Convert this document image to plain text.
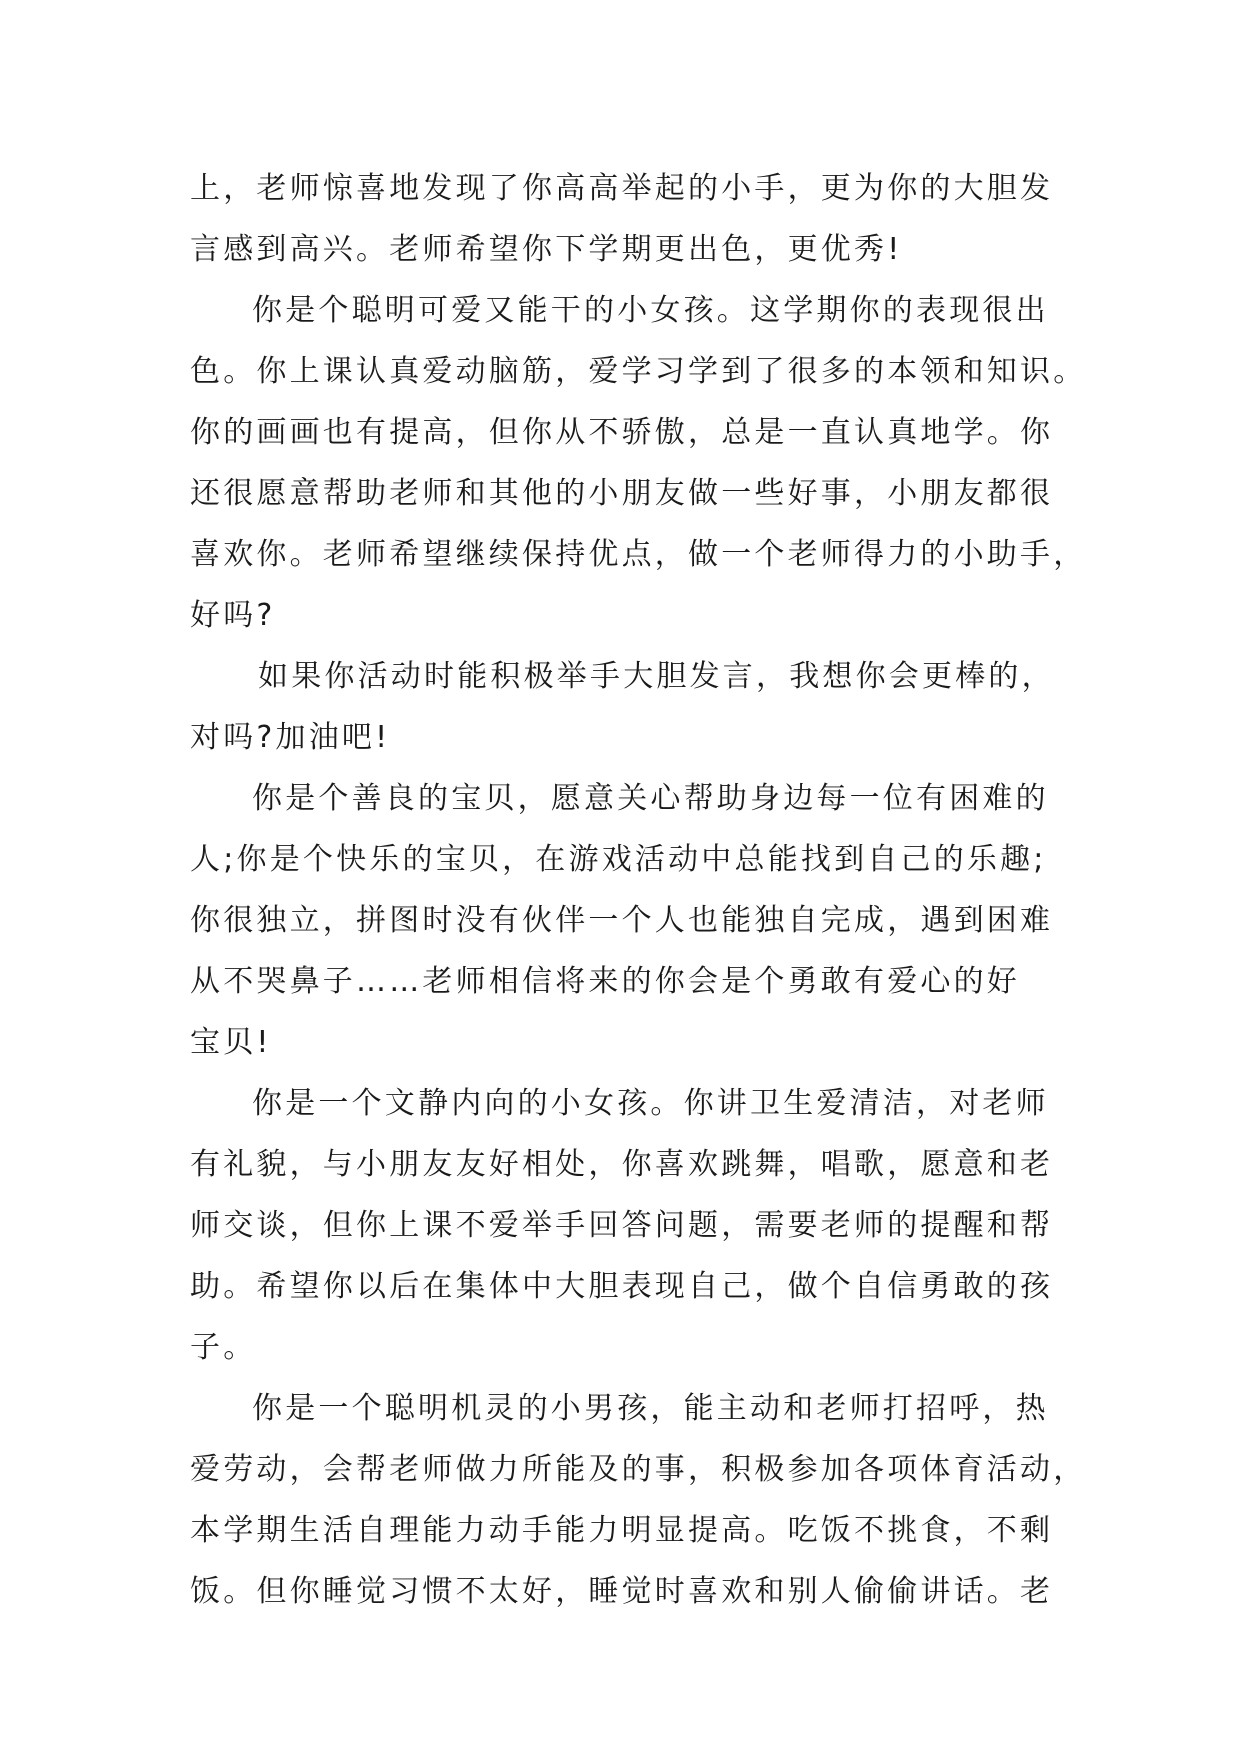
上，老师惊喜地发现了你高高举起的小手，更为你的大胆发
言感到高兴。老师希望你下学期更出色，更优秀!
你是个聪明可爱又能干的小女孩。这学期你的表现很出
色。你上课认真爱动脑筋，爱学习学到了很多的本领和知识。
你的画画也有提高，但你从不骄傲，总是一直认真地学。你
还很愿意帮助老师和其他的小朋友做一些好事，小朋友都很
喜欢你。老师希望继续保持优点，做一个老师得力的小助手，
好吗?
如果你活动时能积极举手大胆发言，我想你会更棒的，
对吗?加油吧!
你是个善良的宝贝，愿意关心帮助身边每一位有困难的
人;你是个快乐的宝贝，在游戏活动中总能找到自己的乐趣;
你很独立，拼图时没有伙伴一个人也能独自完成，遇到困难
从不哭鼻子……老师相信将来的你会是个勇敢有爱心的好
宝贝!
你是一个文静内向的小女孩。你讲卫生爱清洁，对老师
有礼貌，与小朋友友好相处，你喜欢跳舞，唱歌，愿意和老
师交谈，但你上课不爱举手回答问题，需要老师的提醒和帮
助。希望你以后在集体中大胆表现自己，做个自信勇敢的孩
子。
你是一个聪明机灵的小男孩，能主动和老师打招呼，热
爱劳动，会帮老师做力所能及的事，积极参加各项体育活动，
本学期生活自理能力动手能力明显提高。吃饭不挑食，不剩
饭。但你睡觉习惯不太好，睡觉时喜欢和别人偷偷讲话。老
